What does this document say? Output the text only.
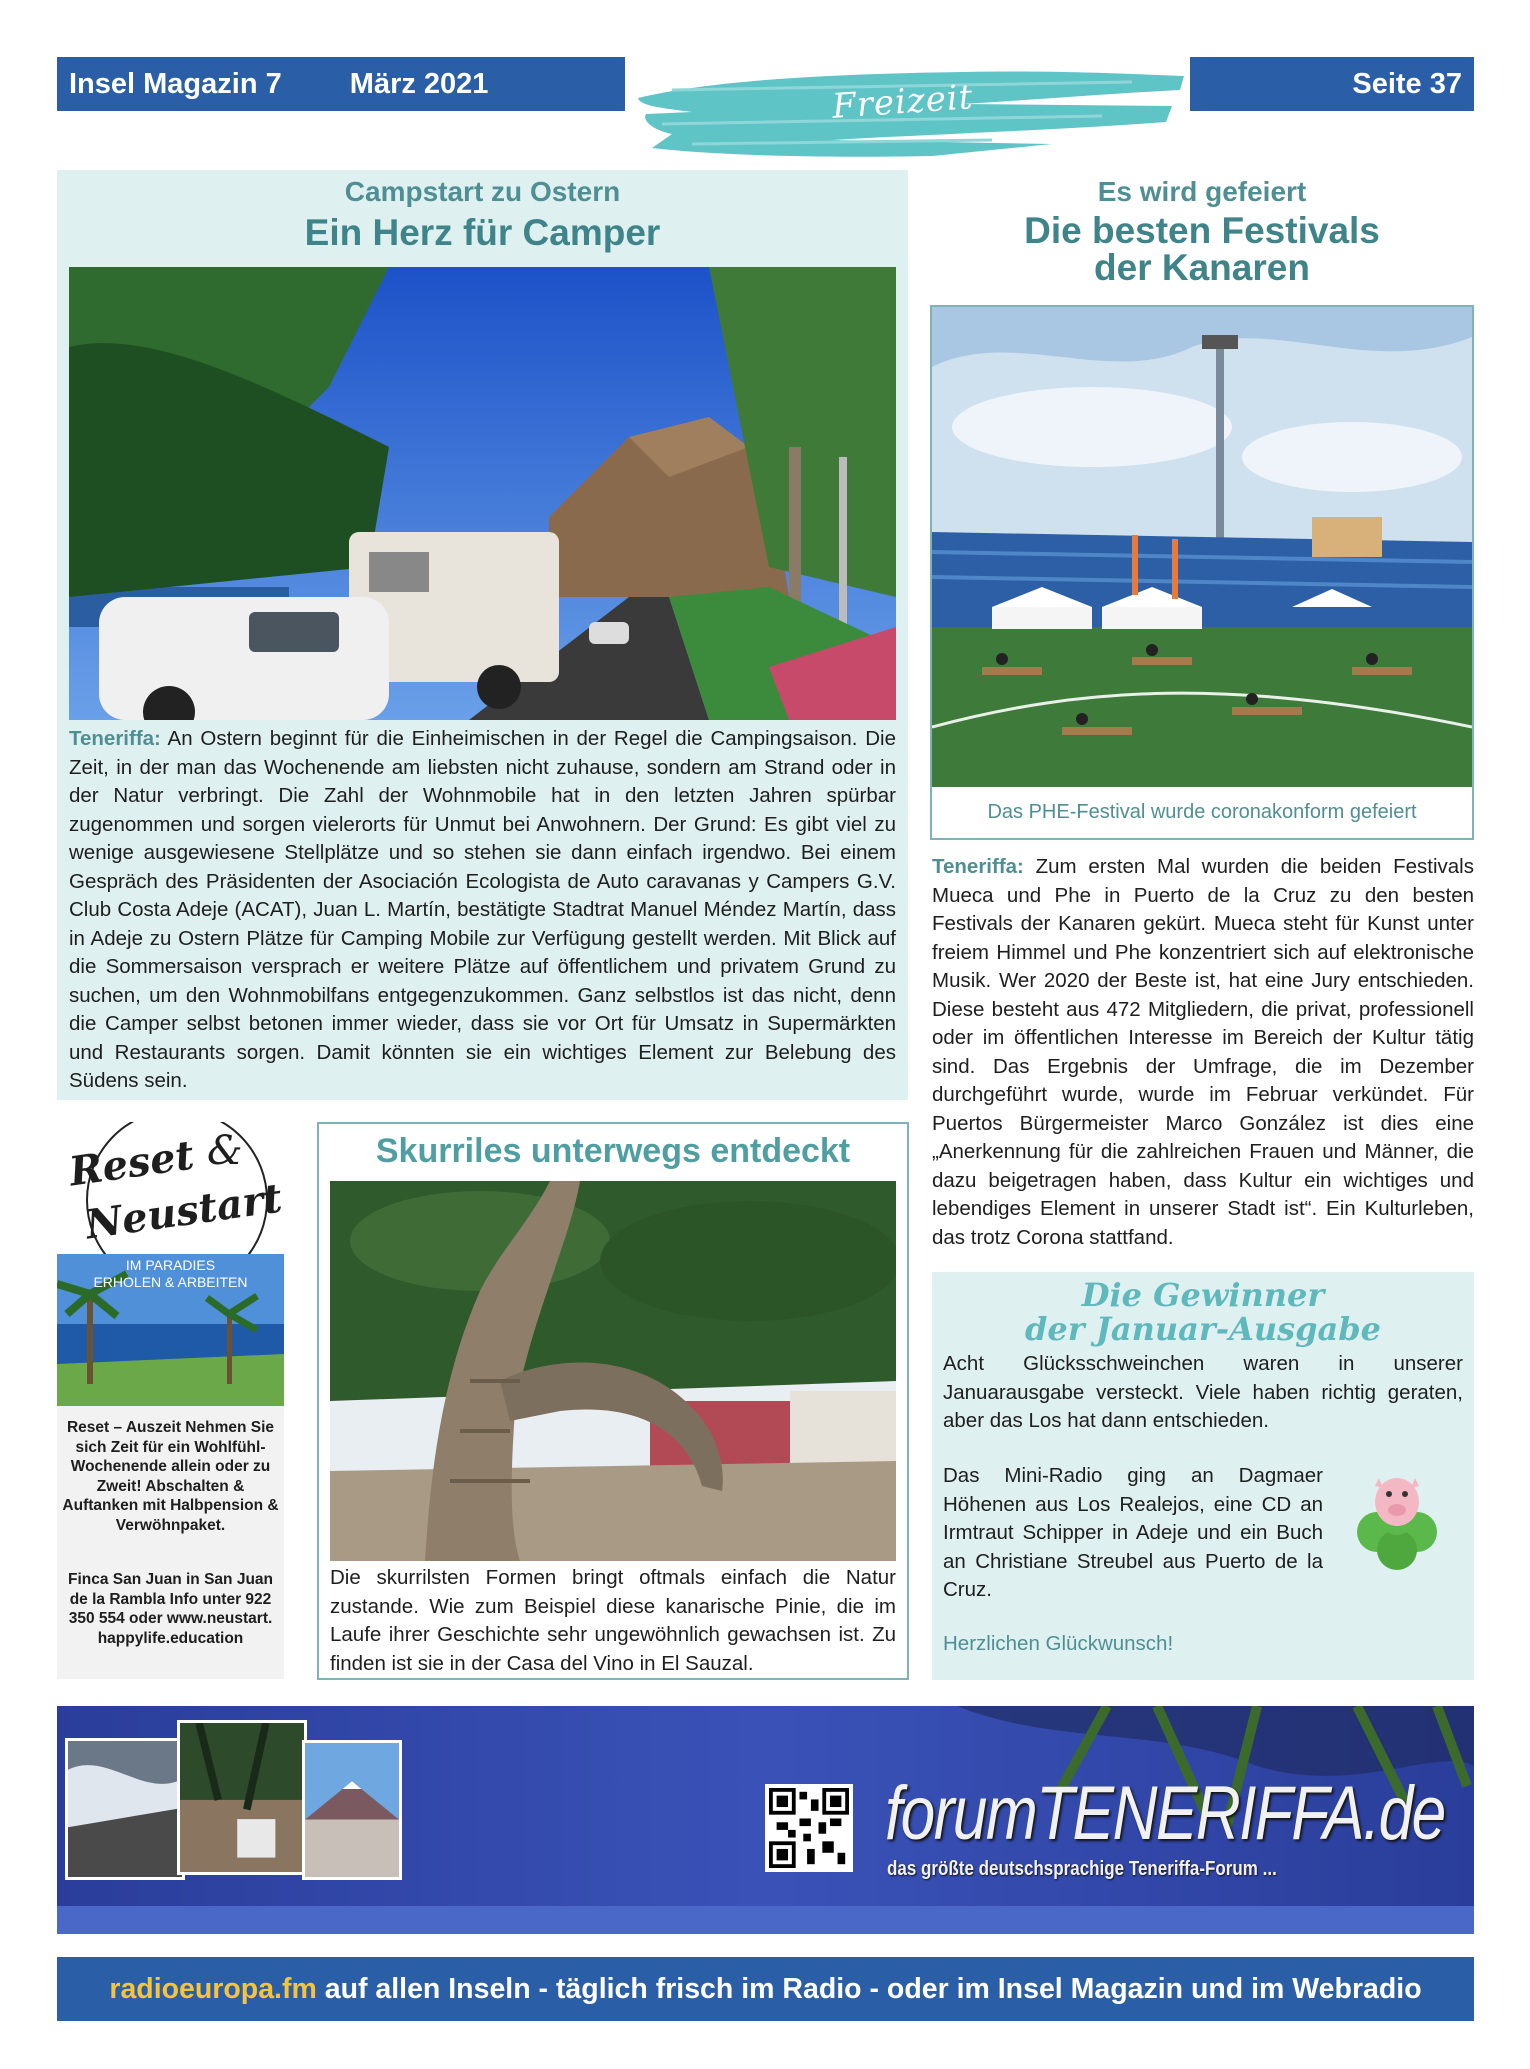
Insel Magazin 7 März 2021	Freizeit	Seite 37
Campstart zu Ostern
Ein Herz für Camper

Teneriffa: An Ostern beginnt für die Einheimischen in der Regel die Campingsaison. Die Zeit, in der man das Wochenende am liebsten nicht zuhause, sondern am Strand oder in der Natur verbringt. Die Zahl der Wohnmobile hat in den letzten Jahren spürbar zugenommen und sorgen vielerorts für Unmut bei Anwohnern. Der Grund: Es gibt viel zu wenige ausgewiesene Stellplätze und so stehen sie dann einfach irgendwo. Bei einem Gespräch des Präsidenten der Asociación Ecologista de Auto caravanas y Campers G.V. Club Costa Adeje (ACAT), Juan L. Martín, bestätigte Stadtrat Manuel Méndez Martín, dass in Adeje zu Ostern Plätze für Camping Mobile zur Verfügung gestellt werden. Mit Blick auf die Sommersaison versprach er weitere Plätze auf öffentlichem und privatem Grund zu suchen, um den Wohnmobilfans entgegenzukommen. Ganz selbstlos ist das nicht, denn die Camper selbst betonen immer wieder, dass sie vor Ort für Umsatz in Supermärkten und Restaurants sorgen. Damit könnten sie ein wichtiges Element zur Belebung des Südens sein.

Es wird gefeiert
Die besten Festivals
der Kanaren
Das PHE-Festival wurde coronakonform gefeiert

Teneriffa: Zum ersten Mal wurden die beiden Festivals Mueca und Phe in Puerto de la Cruz zu den besten Festivals der Kanaren gekürt. Mueca steht für Kunst unter freiem Himmel und Phe konzentriert sich auf elektronische Musik. Wer 2020 der Beste ist, hat eine Jury entschieden. Diese besteht aus 472 Mitgliedern, die privat, professionell oder im öffentlichen Interesse im Bereich der Kultur tätig sind. Das Ergebnis der Umfrage, die im Dezember durchgeführt wurde, wurde im Februar verkündet. Für Puertos Bürgermeister Marco González ist dies eine „Anerkennung für die zahlreichen Frauen und Männer, die dazu beigetragen haben, dass Kultur ein wichtiges und lebendiges Element in unserer Stadt ist“. Ein Kulturleben, das trotz Corona stattfand.

Reset &
Neustart
IM PARADIES
ERHOLEN & ARBEITEN
Reset – Auszeit Nehmen Sie sich Zeit für ein Wohlfühl-Wochenende allein oder zu Zweit! Abschalten & Auftanken mit Halbpension & Verwöhnpaket.
Finca San Juan in San Juan de la Rambla Info unter 922 350 554 oder www.neustart. happylife.education
Skurriles unterwegs entdeckt
Die skurrilsten Formen bringt oftmals einfach die Natur zustande. Wie zum Beispiel diese kanarische Pinie, die im Laufe ihrer Geschichte sehr ungewöhnlich gewachsen ist. Zu finden ist sie in der Casa del Vino in El Sauzal.
Die Gewinner
der Januar-Ausgabe
Acht Glücksschweinchen waren in unserer Januarausgabe versteckt. Viele haben richtig geraten, aber das Los hat dann entschieden.
Das Mini-Radio ging an Dagmaer Höhenen aus Los Realejos, eine CD an Irmtraut Schipper in Adeje und ein Buch an Christiane Streubel aus Puerto de la Cruz.
Herzlichen Glückwunsch!
forumTENERIFFA.de
das größte deutschsprachige Teneriffa-Forum ...
radioeuropa.fm auf allen Inseln - täglich frisch im Radio - oder im Insel Magazin und im Webradio
